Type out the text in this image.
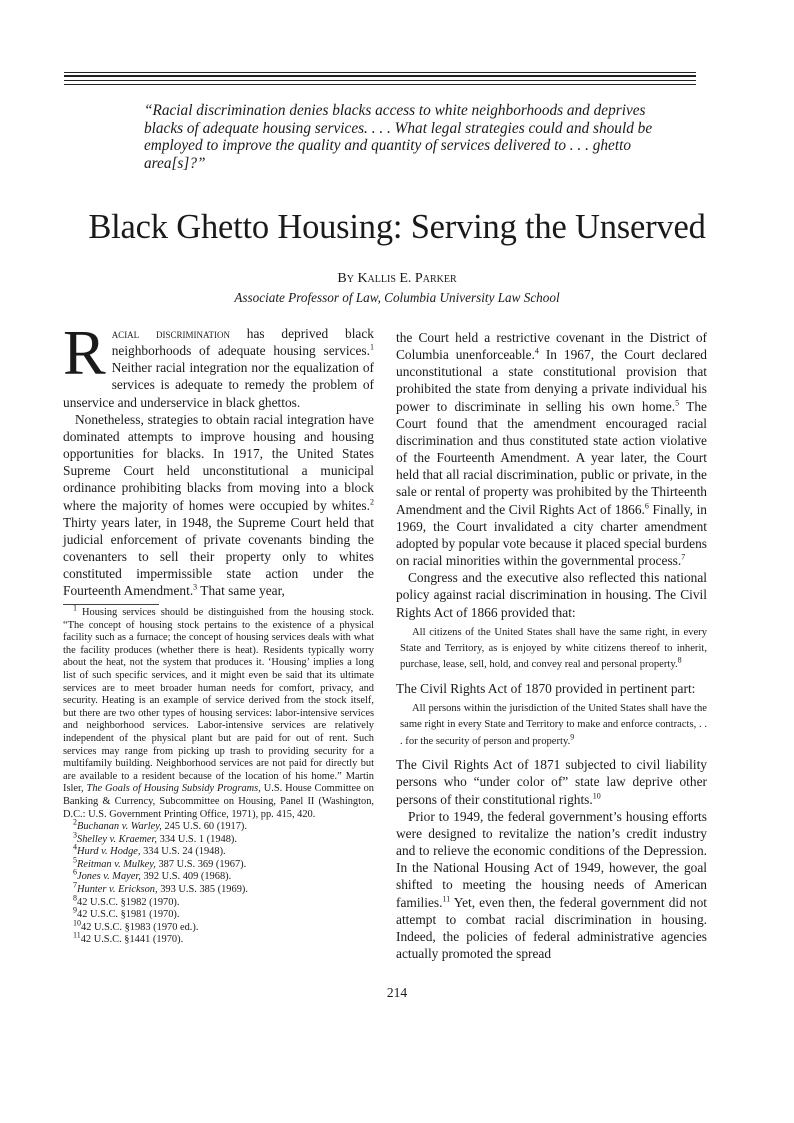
“Racial discrimination denies blacks access to white neighborhoods and deprives blacks of adequate housing services. . . . What legal strategies could and should be employed to improve the quality and quantity of services delivered to . . . ghetto area[s]?”

Black Ghetto Housing: Serving the Unserved

By Kallis E. Parker

Associate Professor of Law, Columbia University Law School

Racial discrimination has deprived black neighborhoods of adequate housing services.$^1$ Neither racial integration nor the equalization of services is adequate to remedy the problem of unservice and underservice in black ghettos.

Nonetheless, strategies to obtain racial integration have dominated attempts to improve housing and housing opportunities for blacks. In 1917, the United States Supreme Court held unconstitutional a municipal ordinance prohibiting blacks from moving into a block where the majority of homes were occupied by whites.$^2$ Thirty years later, in 1948, the Supreme Court held that judicial enforcement of private covenants binding the covenanters to sell their property only to whites constituted impermissible state action under the Fourteenth Amendment.$^3$ That same year,

$^1$ Housing services should be distinguished from the housing stock. “The concept of housing stock pertains to the existence of a physical facility such as a furnace; the concept of housing services deals with what the facility produces (whether there is heat). Residents typically worry about the heat, not the system that produces it. ‘Housing’ implies a long list of such specific services, and it might even be said that its ultimate services are to meet broader human needs for comfort, privacy, and security. Heating is an example of service derived from the stock itself, but there are two other types of housing services: labor-intensive services and neighborhood services. Labor-intensive services are relatively independent of the physical plant but are paid for out of rent. Such services may range from picking up trash to providing security for a multifamily building. Neighborhood services are not paid for directly but are available to a resident because of the location of his home.” Martin Isler, The Goals of Housing Subsidy Programs, U.S. House Committee on Banking & Currency, Subcommittee on Housing, Panel II (Washington, D.C.: U.S. Government Printing Office, 1971), pp. 415, 420.

$^2$Buchanan v. Warley, 245 U.S. 60 (1917).

$^3$Shelley v. Kraemer, 334 U.S. 1 (1948).

$^4$Hurd v. Hodge, 334 U.S. 24 (1948).

$^5$Reitman v. Mulkey, 387 U.S. 369 (1967).

$^6$Jones v. Mayer, 392 U.S. 409 (1968).

$^7$Hunter v. Erickson, 393 U.S. 385 (1969).

$^8$42 U.S.C. §1982 (1970).

$^9$42 U.S.C. §1981 (1970).

$^{10}$42 U.S.C. §1983 (1970 ed.).

$^{11}$42 U.S.C. §1441 (1970).

the Court held a restrictive covenant in the District of Columbia unenforceable.$^4$ In 1967, the Court declared unconstitutional a state constitutional provision that prohibited the state from denying a private individual his power to discriminate in selling his own home.$^5$ The Court found that the amendment encouraged racial discrimination and thus constituted state action violative of the Fourteenth Amendment. A year later, the Court held that all racial discrimination, public or private, in the sale or rental of property was prohibited by the Thirteenth Amendment and the Civil Rights Act of 1866.$^6$ Finally, in 1969, the Court invalidated a city charter amendment adopted by popular vote because it placed special burdens on racial minorities within the governmental process.$^7$

Congress and the executive also reflected this national policy against racial discrimination in housing. The Civil Rights Act of 1866 provided that:

All citizens of the United States shall have the same right, in every State and Territory, as is enjoyed by white citizens thereof to inherit, purchase, lease, sell, hold, and convey real and personal property.$^8$

The Civil Rights Act of 1870 provided in pertinent part:

All persons within the jurisdiction of the United States shall have the same right in every State and Territory to make and enforce contracts, . . . for the security of person and property.$^9$

The Civil Rights Act of 1871 subjected to civil liability persons who “under color of” state law deprive other persons of their constitutional rights.$^{10}$

Prior to 1949, the federal government’s housing efforts were designed to revitalize the nation’s credit industry and to relieve the economic conditions of the Depression. In the National Housing Act of 1949, however, the goal shifted to meeting the housing needs of American families.$^{11}$ Yet, even then, the federal government did not attempt to combat racial discrimination in housing. Indeed, the policies of federal administrative agencies actually promoted the spread

214
